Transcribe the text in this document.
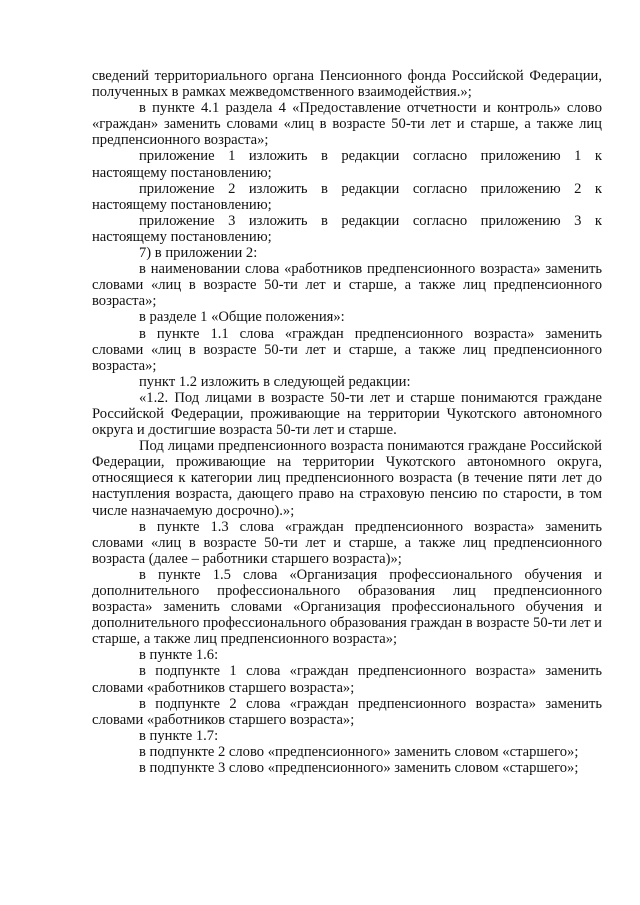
сведений территориального органа Пенсионного фонда Российской Федерации, полученных в рамках межведомственного взаимодействия.»;

в пункте 4.1 раздела 4 «Предоставление отчетности и контроль» слово «граждан» заменить словами «лиц в возрасте 50-ти лет и старше, а также лиц предпенсионного возраста»;

приложение 1 изложить в редакции согласно приложению 1 к настоящему постановлению;

приложение 2 изложить в редакции согласно приложению 2 к настоящему постановлению;

приложение 3 изложить в редакции согласно приложению 3 к настоящему постановлению;

7) в приложении 2:

в наименовании слова «работников предпенсионного возраста» заменить словами «лиц в возрасте 50-ти лет и старше, а также лиц предпенсионного возраста»;

в разделе 1 «Общие положения»:

в пункте 1.1 слова «граждан предпенсионного возраста» заменить словами «лиц в возрасте 50-ти лет и старше, а также лиц предпенсионного возраста»;

пункт 1.2 изложить в следующей редакции:

«1.2. Под лицами в возрасте 50-ти лет и старше понимаются граждане Российской Федерации, проживающие на территории Чукотского автономного округа и достигшие возраста 50-ти лет и старше.

Под лицами предпенсионного возраста понимаются граждане Российской Федерации, проживающие на территории Чукотского автономного округа, относящиеся к категории лиц предпенсионного возраста (в течение пяти лет до наступления возраста, дающего право на страховую пенсию по старости, в том числе назначаемую досрочно).»;

в пункте 1.3 слова «граждан предпенсионного возраста» заменить словами «лиц в возрасте 50-ти лет и старше, а также лиц предпенсионного возраста (далее – работники старшего возраста)»;

в пункте 1.5 слова «Организация профессионального обучения и дополнительного профессионального образования лиц предпенсионного возраста» заменить словами «Организация профессионального обучения и дополнительного профессионального образования граждан в возрасте 50-ти лет и старше, а также лиц предпенсионного возраста»;

в пункте 1.6:

в подпункте 1 слова «граждан предпенсионного возраста» заменить словами «работников старшего возраста»;

в подпункте 2 слова «граждан предпенсионного возраста» заменить словами «работников старшего возраста»;

в пункте 1.7:

в подпункте 2 слово «предпенсионного» заменить словом «старшего»;

в подпункте 3 слово «предпенсионного» заменить словом «старшего»;
